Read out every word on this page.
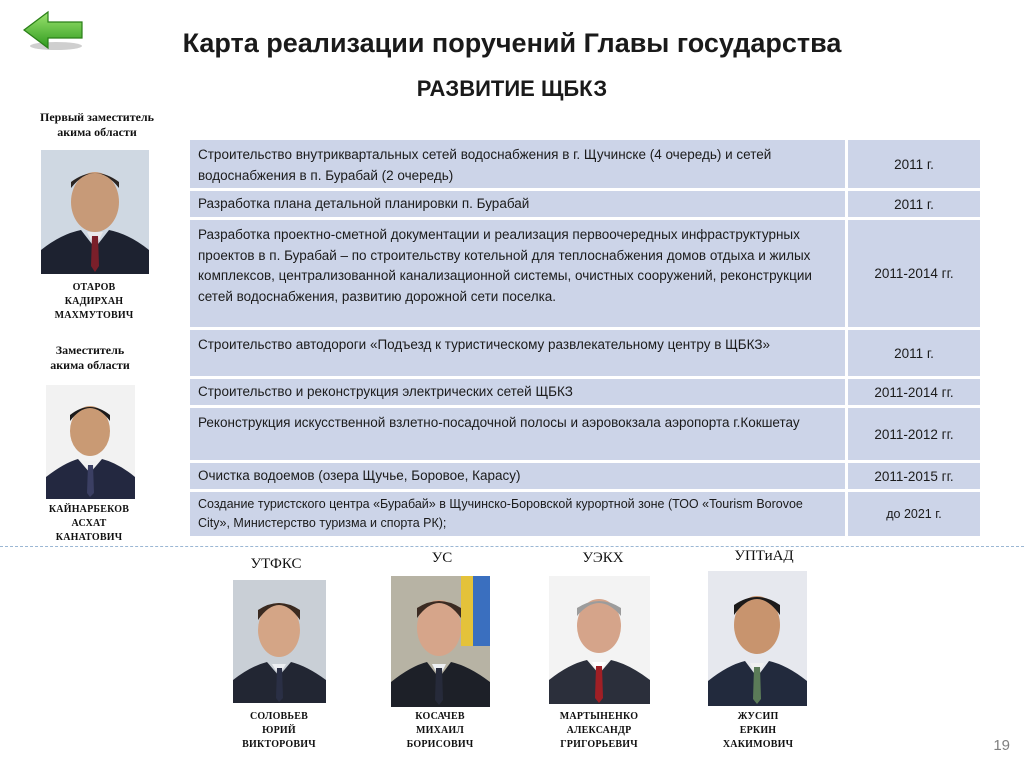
Карта реализации поручений Главы государства
РАЗВИТИЕ ЩБКЗ
Первый заместитель
акима области
ОТАРОВ
КАДИРХАН
МАХМУТОВИЧ
Заместитель
акима области
КАЙНАРБЕКОВ
АСХАТ
КАНАТОВИЧ
Строительство внутриквартальных сетей водоснабжения в г. Щучинске (4 очередь) и сетей водоснабжения в п. Бурабай (2 очередь)
2011 г.
Разработка плана детальной планировки п. Бурабай	2011 г.
Разработка проектно-сметной документации и реализация первоочередных инфраструктурных проектов в п. Бурабай – по строительству котельной для теплоснабжения домов отдыха и жилых комплексов, централизованной канализационной системы, очистных сооружений, реконструкции сетей водоснабжения, развитию дорожной сети поселка.
2011-2014 гг.
Строительство автодороги «Подъезд к туристическому развлекательному центру в ЩБКЗ»
2011 г.
Строительство и реконструкция электрических сетей ЩБКЗ	2011-2014 гг.
Реконструкция искусственной взлетно-посадочной полосы и аэровокзала аэропорта г.Кокшетау
2011-2012 гг.
Очистка водоемов (озера Щучье, Боровое, Карасу)	2011-2015 гг.
Создание туристского центра «Бурабай» в Щучинско-Боровской курортной зоне (ТОО «Tourism Borovoe City», Министерство туризма и спорта РК);
до 2021 г.
УТФКС
СОЛОВЬЕВ
ЮРИЙ
ВИКТОРОВИЧ
УС
КОСАЧЕВ
МИХАИЛ
БОРИСОВИЧ
УЭКХ
МАРТЫНЕНКО
АЛЕКСАНДР
ГРИГОРЬЕВИЧ
УПТиАД
ЖУСИП
ЕРКИН
ХАКИМОВИЧ	19
